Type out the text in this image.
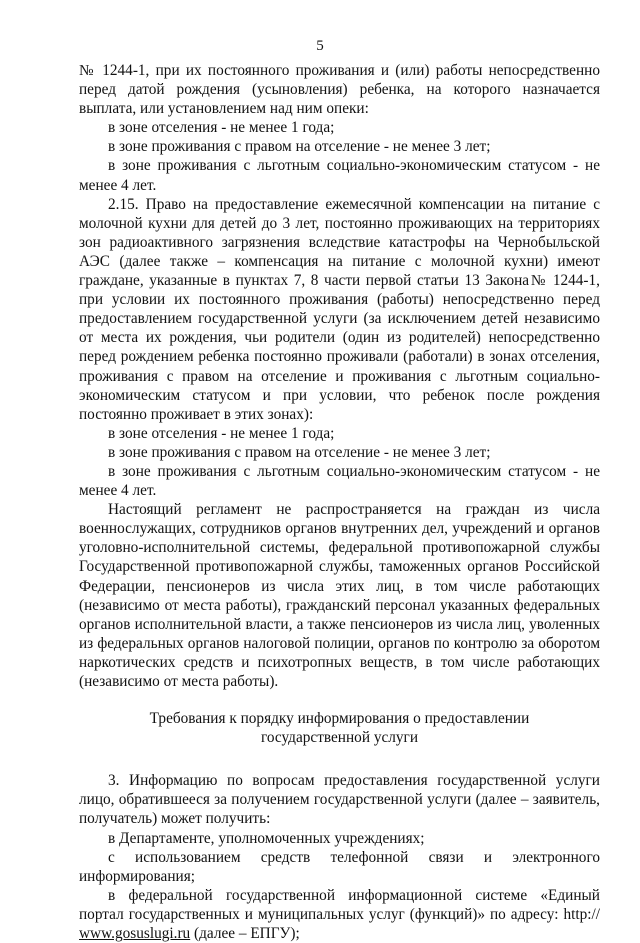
5

№ 1244-1, при их постоянного проживания и (или) работы непосредственно перед датой рождения (усыновления) ребенка, на которого назначается выплата, или установлением над ним опеки:

в зоне отселения - не менее 1 года;

в зоне проживания с правом на отселение - не менее 3 лет;

в зоне проживания с льготным социально-экономическим статусом - не менее 4 лет.

2.15. Право на предоставление ежемесячной компенсации на питание с молочной кухни для детей до 3 лет, постоянно проживающих на территориях зон радиоактивного загрязнения вследствие катастрофы на Чернобыльской АЭС (далее также – компенсация на питание с молочной кухни) имеют граждане, указанные в пунктах 7, 8 части первой статьи 13 Закона№ 1244-1, при условии их постоянного проживания (работы) непосредственно перед предоставлением государственной услуги (за исключением детей независимо от места их рождения, чьи родители (один из родителей) непосредственно перед рождением ребенка постоянно проживали (работали) в зонах отселения, проживания с правом на отселение и проживания с льготным социально-экономическим статусом и при условии, что ребенок после рождения постоянно проживает в этих зонах):

в зоне отселения - не менее 1 года;

в зоне проживания с правом на отселение - не менее 3 лет;

в зоне проживания с льготным социально-экономическим статусом - не менее 4 лет.

Настоящий регламент не распространяется на граждан из числа военнослужащих, сотрудников органов внутренних дел, учреждений и органов уголовно-исполнительной системы, федеральной противопожарной службы Государственной противопожарной службы, таможенных органов Российской Федерации, пенсионеров из числа этих лиц, в том числе работающих (независимо от места работы), гражданский персонал указанных федеральных органов исполнительной власти, а также пенсионеров из числа лиц, уволенных из федеральных органов налоговой полиции, органов по контролю за оборотом наркотических средств и психотропных веществ, в том числе работающих (независимо от места работы).

Требования к порядку информирования о предоставлении

государственной услуги

3. Информацию по вопросам предоставления государственной услуги лицо, обратившееся за получением государственной услуги (далее – заявитель, получатель) может получить:

в Департаменте, уполномоченных учреждениях;

с использованием средств телефонной связи и электронного информирования;

в федеральной государственной информационной системе «Единый портал государственных и муниципальных услуг (функций)» по адресу: http:// www.gosuslugi.ru (далее – ЕПГУ);
